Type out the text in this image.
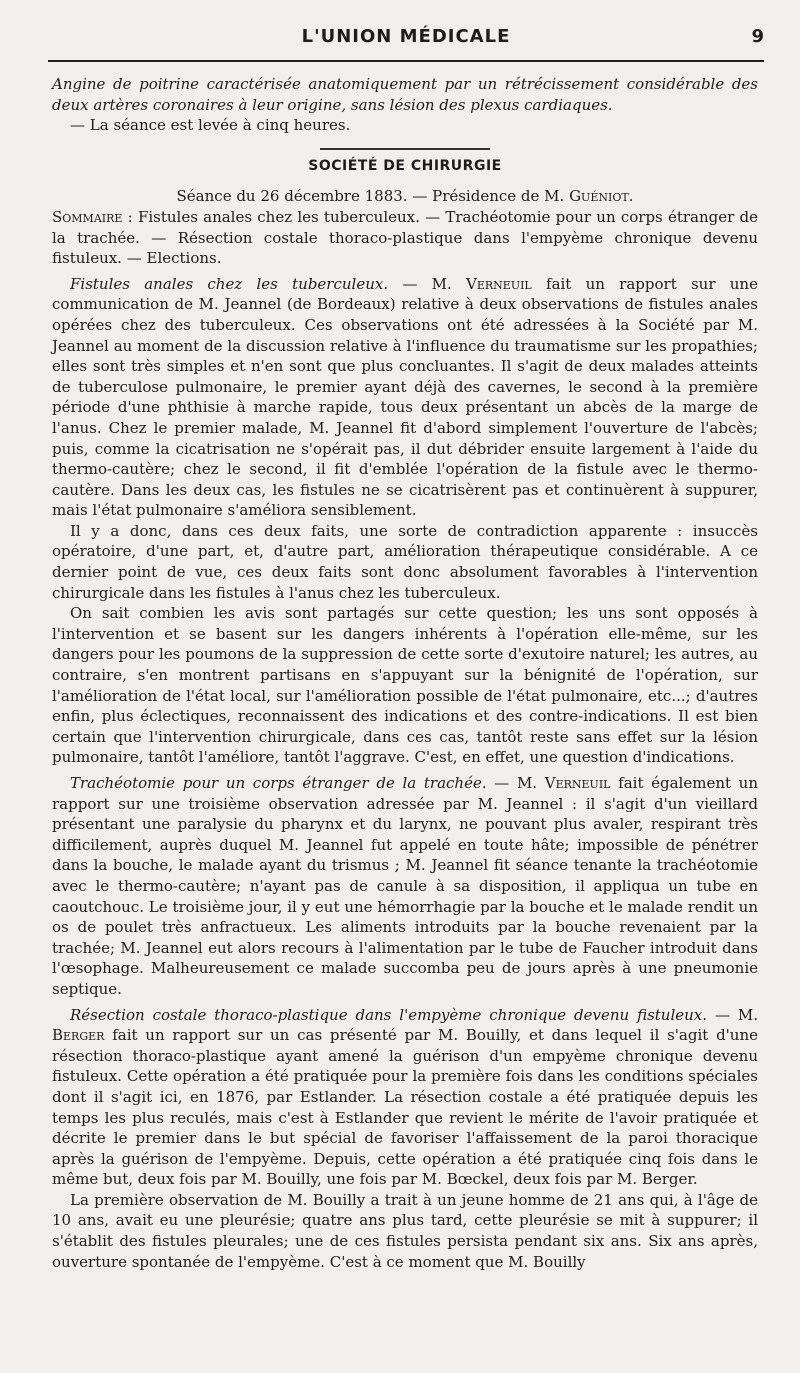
L'UNION MÉDICALE	9

Angine de poitrine caractérisée anatomiquement par un rétrécissement considérable des deux artères coronaires à leur origine, sans lésion des plexus cardiaques.

— La séance est levée à cinq heures.

SOCIÉTÉ DE CHIRURGIE

Séance du 26 décembre 1883. — Présidence de M. Guéniot.

Sommaire : Fistules anales chez les tuberculeux. — Trachéotomie pour un corps étranger de la trachée. — Résection costale thoraco-plastique dans l'empyème chronique devenu fistuleux. — Elections.

Fistules anales chez les tuberculeux. — M. Verneuil fait un rapport sur une communication de M. Jeannel (de Bordeaux) relative à deux observations de fistules anales opérées chez des tuberculeux. Ces observations ont été adressées à la Société par M. Jeannel au moment de la discussion relative à l'influence du traumatisme sur les propathies; elles sont très simples et n'en sont que plus concluantes. Il s'agit de deux malades atteints de tuberculose pulmonaire, le premier ayant déjà des cavernes, le second à la première période d'une phthisie à marche rapide, tous deux présentant un abcès de la marge de l'anus. Chez le premier malade, M. Jeannel fit d'abord simplement l'ouverture de l'abcès; puis, comme la cicatrisation ne s'opérait pas, il dut débrider ensuite largement à l'aide du thermo-cautère; chez le second, il fit d'emblée l'opération de la fistule avec le thermo-cautère. Dans les deux cas, les fistules ne se cicatrisèrent pas et continuèrent à suppurer, mais l'état pulmonaire s'améliora sensiblement.

Il y a donc, dans ces deux faits, une sorte de contradiction apparente : insuccès opératoire, d'une part, et, d'autre part, amélioration thérapeutique considérable. A ce dernier point de vue, ces deux faits sont donc absolument favorables à l'intervention chirurgicale dans les fistules à l'anus chez les tuberculeux.

On sait combien les avis sont partagés sur cette question; les uns sont opposés à l'intervention et se basent sur les dangers inhérents à l'opération elle-même, sur les dangers pour les poumons de la suppression de cette sorte d'exutoire naturel; les autres, au contraire, s'en montrent partisans en s'appuyant sur la bénignité de l'opération, sur l'amélioration de l'état local, sur l'amélioration possible de l'état pulmonaire, etc...; d'autres enfin, plus éclectiques, reconnaissent des indications et des contre-indications. Il est bien certain que l'intervention chirurgicale, dans ces cas, tantôt reste sans effet sur la lésion pulmonaire, tantôt l'améliore, tantôt l'aggrave. C'est, en effet, une question d'indications.

Trachéotomie pour un corps étranger de la trachée. — M. Verneuil fait également un rapport sur une troisième observation adressée par M. Jeannel : il s'agit d'un vieillard présentant une paralysie du pharynx et du larynx, ne pouvant plus avaler, respirant très difficilement, auprès duquel M. Jeannel fut appelé en toute hâte; impossible de pénétrer dans la bouche, le malade ayant du trismus ; M. Jeannel fit séance tenante la trachéotomie avec le thermo-cautère; n'ayant pas de canule à sa disposition, il appliqua un tube en caoutchouc. Le troisième jour, il y eut une hémorrhagie par la bouche et le malade rendit un os de poulet très anfractueux. Les aliments introduits par la bouche revenaient par la trachée; M. Jeannel eut alors recours à l'alimentation par le tube de Faucher introduit dans l'œsophage. Malheureusement ce malade succomba peu de jours après à une pneumonie septique.

Résection costale thoraco-plastique dans l'empyème chronique devenu fistuleux. — M. Berger fait un rapport sur un cas présenté par M. Bouilly, et dans lequel il s'agit d'une résection thoraco-plastique ayant amené la guérison d'un empyème chronique devenu fistuleux. Cette opération a été pratiquée pour la première fois dans les conditions spéciales dont il s'agit ici, en 1876, par Estlander. La résection costale a été pratiquée depuis les temps les plus reculés, mais c'est à Estlander que revient le mérite de l'avoir pratiquée et décrite le premier dans le but spécial de favoriser l'affaissement de la paroi thoracique après la guérison de l'empyème. Depuis, cette opération a été pratiquée cinq fois dans le même but, deux fois par M. Bouilly, une fois par M. Bœckel, deux fois par M. Berger.

La première observation de M. Bouilly a trait à un jeune homme de 21 ans qui, à l'âge de 10 ans, avait eu une pleurésie; quatre ans plus tard, cette pleurésie se mit à suppurer; il s'établit des fistules pleurales; une de ces fistules persista pendant six ans. Six ans après, ouverture spontanée de l'empyème. C'est à ce moment que M. Bouilly
